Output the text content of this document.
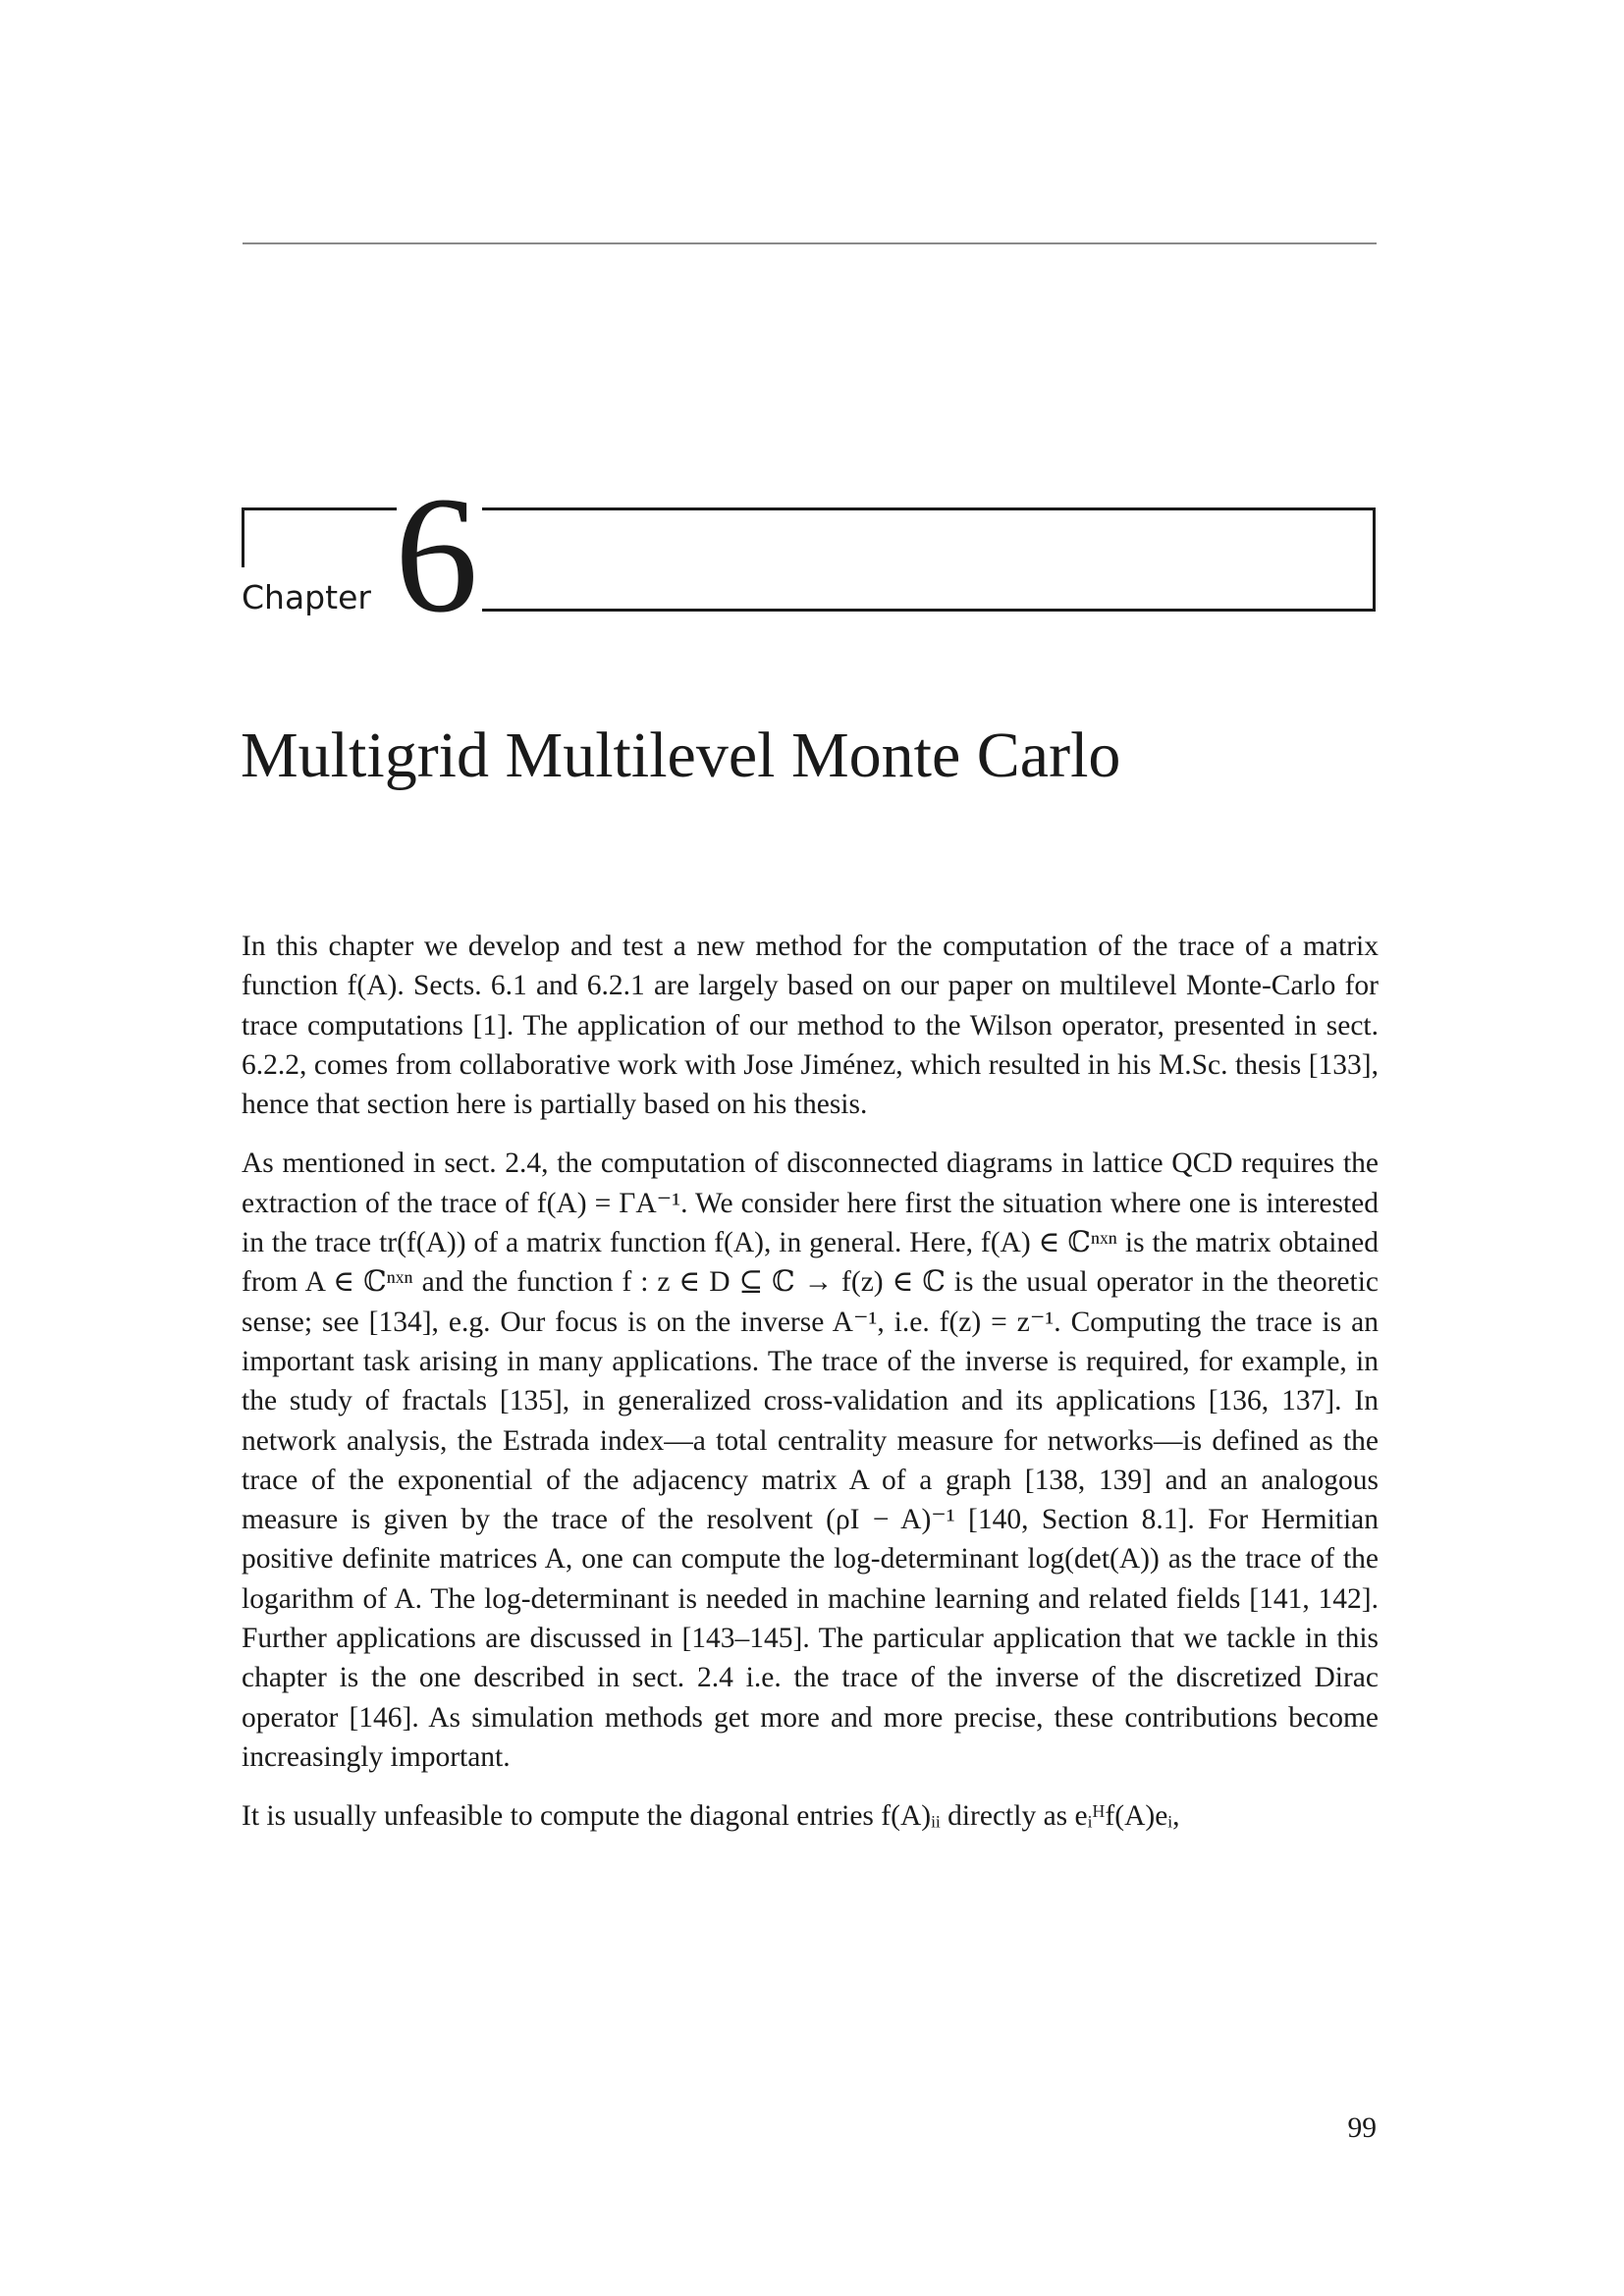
Chapter 6
Multigrid Multilevel Monte Carlo

In this chapter we develop and test a new method for the computation of the trace of a matrix function f(A). Sects. 6.1 and 6.2.1 are largely based on our paper on multilevel Monte-Carlo for trace computations [1]. The application of our method to the Wilson operator, presented in sect. 6.2.2, comes from collaborative work with Jose Jiménez, which resulted in his M.Sc. thesis [133], hence that section here is partially based on his thesis.

As mentioned in sect. 2.4, the computation of disconnected diagrams in lattice QCD requires the extraction of the trace of f(A) = ΓA⁻¹. We consider here first the situation where one is interested in the trace tr(f(A)) of a matrix function f(A), in general. Here, f(A) ∈ ℂⁿˣⁿ is the matrix obtained from A ∈ ℂⁿˣⁿ and the function f : z ∈ D ⊆ ℂ → f(z) ∈ ℂ is the usual operator in the theoretic sense; see [134], e.g. Our focus is on the inverse A⁻¹, i.e. f(z) = z⁻¹. Computing the trace is an important task arising in many applications. The trace of the inverse is required, for example, in the study of fractals [135], in generalized cross-validation and its applications [136, 137]. In network analysis, the Estrada index—a total centrality measure for networks—is defined as the trace of the exponential of the adjacency matrix A of a graph [138, 139] and an analogous measure is given by the trace of the resolvent (ρI − A)⁻¹ [140, Section 8.1]. For Hermitian positive definite matrices A, one can compute the log-determinant log(det(A)) as the trace of the logarithm of A. The log-determinant is needed in machine learning and related fields [141, 142]. Further applications are discussed in [143–145]. The particular application that we tackle in this chapter is the one described in sect. 2.4 i.e. the trace of the inverse of the discretized Dirac operator [146]. As simulation methods get more and more precise, these contributions become increasingly important.

It is usually unfeasible to compute the diagonal entries f(A)ᵢᵢ directly as eᵢᴴf(A)eᵢ,

99
